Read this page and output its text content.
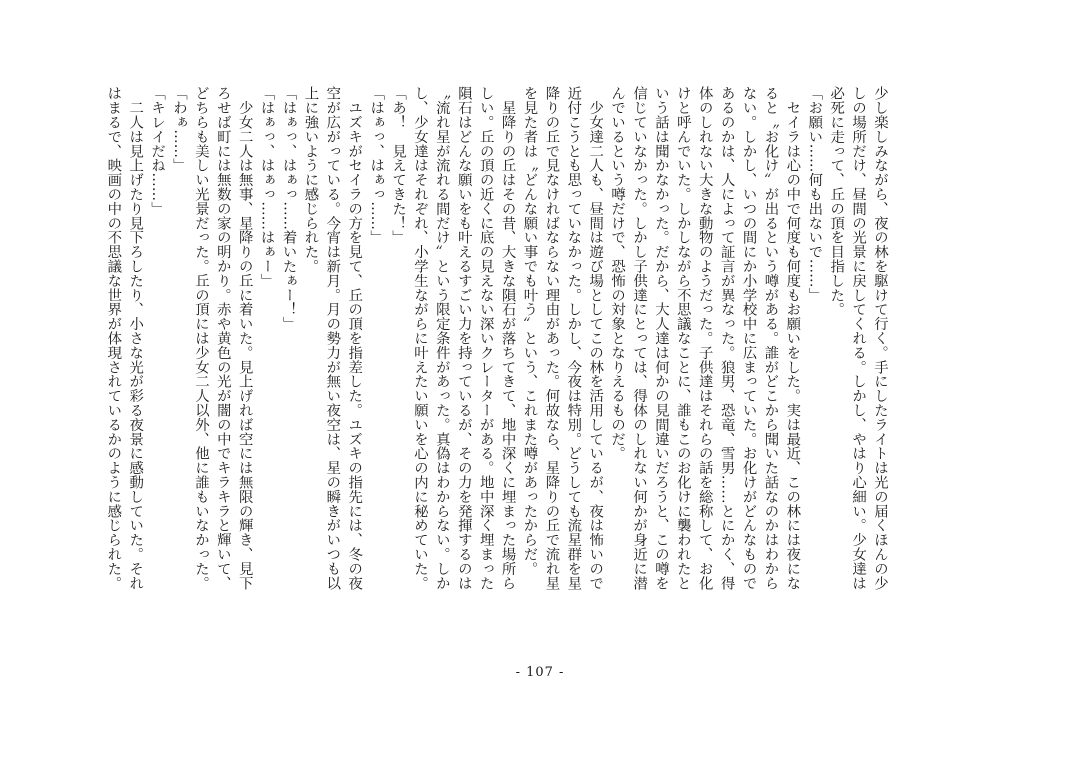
少し楽しみながら、夜の林を駆けて行く。手にしたライトは光の届くほんの少
しの場所だけ、昼間の光景に戻してくれる。しかし、やはり心細い。少女達は
必死に走って、丘の頂を目指した。
「お願い……何も出ないで……」
　セイラは心の中で何度も何度もお願いをした。実は最近、この林には夜にな
ると〝お化け〟が出るという噂がある。誰がどこから聞いた話なのかはわから
ない。しかし、いつの間にか小学校中に広まっていた。お化けがどんなもので
あるのかは、人によって証言が異なった。狼男、恐竜、雪男……とにかく、得
体のしれない大きな動物のようだった。子供達はそれらの話を総称して、お化
けと呼んでいた。しかしながら不思議なことに、誰もこのお化けに襲われたと
いう話は聞かなかった。だから、大人達は何かの見間違いだろうと、この噂を
信じていなかった。しかし子供達にとっては、得体のしれない何かが身近に潜
んでいるという噂だけで、恐怖の対象となりえるものだ。
　少女達二人も、昼間は遊び場としてこの林を活用しているが、夜は怖いので
近付こうとも思っていなかった。しかし、今夜は特別。どうしても流星群を星
降りの丘で見なければならない理由があった。何故なら、星降りの丘で流れ星
を見た者は〝どんな願い事でも叶う〟という、これまた噂があったからだ。
　星降りの丘はその昔、大きな隕石が落ちてきて、地中深くに埋まった場所ら
しい。丘の頂の近くに底の見えない深いクレーターがある。地中深く埋まった
隕石はどんな願いをも叶えるすごい力を持っているが、その力を発揮するのは
〝流れ星が流れる間だけ〟という限定条件があった。真偽はわからない。しか
し、少女達はそれぞれ、小学生ながらに叶えたい願いを心の内に秘めていた。
「あ！　見えてきた！」
「はぁっ、はぁっ……」
　ユズキがセイラの方を見て、丘の頂を指差した。ユズキの指先には、冬の夜
空が広がっている。今宵は新月。月の勢力が無い夜空は、星の瞬きがいつも以
上に強いように感じられた。
「はぁっ、はぁっ……着いたぁー！」
「はぁっ、はぁっ……はぁー」
　少女二人は無事、星降りの丘に着いた。見上げれば空には無限の輝き、見下
ろせば町には無数の家の明かり。赤や黄色の光が闇の中でキラキラと輝いて、
どちらも美しい光景だった。丘の頂には少女二人以外、他に誰もいなかった。
「わぁ……」
「キレイだね……」
　二人は見上げたり見下ろしたり、小さな光が彩る夜景に感動していた。それ
はまるで、映画の中の不思議な世界が体現されているかのように感じられた。
- 107 -
